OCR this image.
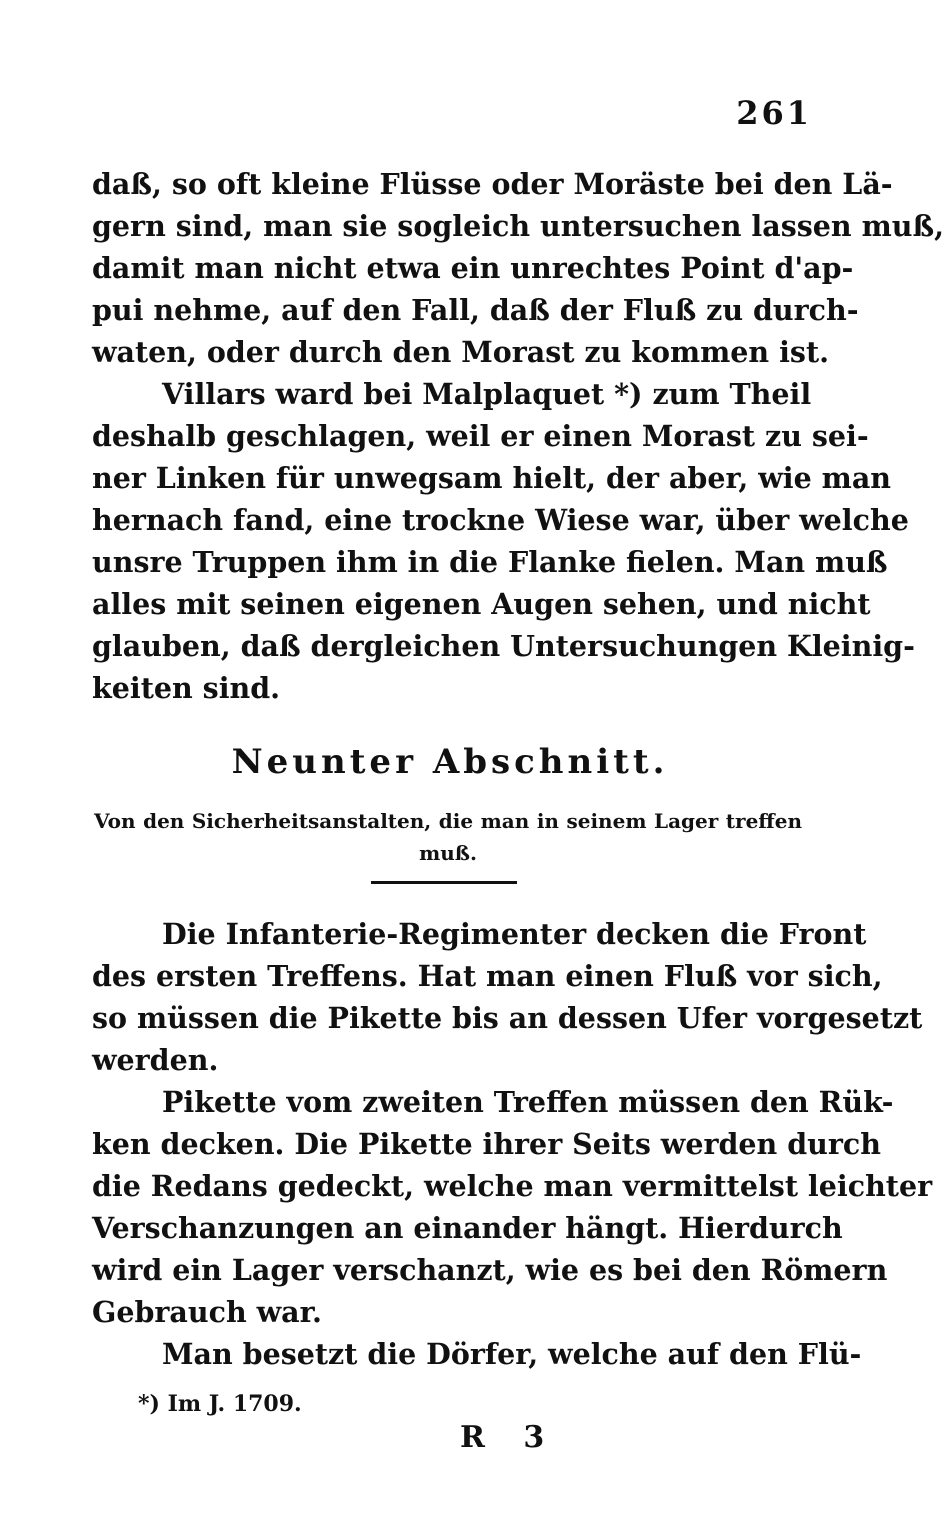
261
daß, so oft kleine Flüsse oder Moräste bei den Lä-
gern sind, man sie sogleich untersuchen lassen muß,
damit man nicht etwa ein unrechtes Point d'ap-
pui nehme, auf den Fall, daß der Fluß zu durch-
waten, oder durch den Morast zu kommen ist.
Villars ward bei Malplaquet *) zum Theil
deshalb geschlagen, weil er einen Morast zu sei-
ner Linken für unwegsam hielt, der aber, wie man
hernach fand, eine trockne Wiese war, über welche
unsre Truppen ihm in die Flanke fielen. Man muß
alles mit seinen eigenen Augen sehen, und nicht
glauben, daß dergleichen Untersuchungen Kleinig-
keiten sind.
Neunter Abschnitt.
Von den Sicherheitsanstalten, die man in seinem Lager treffen
muß.
Die Infanterie-Regimenter decken die Front
des ersten Treffens. Hat man einen Fluß vor sich,
so müssen die Pikette bis an dessen Ufer vorgesetzt
werden.
Pikette vom zweiten Treffen müssen den Rük-
ken decken. Die Pikette ihrer Seits werden durch
die Redans gedeckt, welche man vermittelst leichter
Verschanzungen an einander hängt. Hierdurch
wird ein Lager verschanzt, wie es bei den Römern
Gebrauch war.
Man besetzt die Dörfer, welche auf den Flü-
*) Im J. 1709.
R 3
